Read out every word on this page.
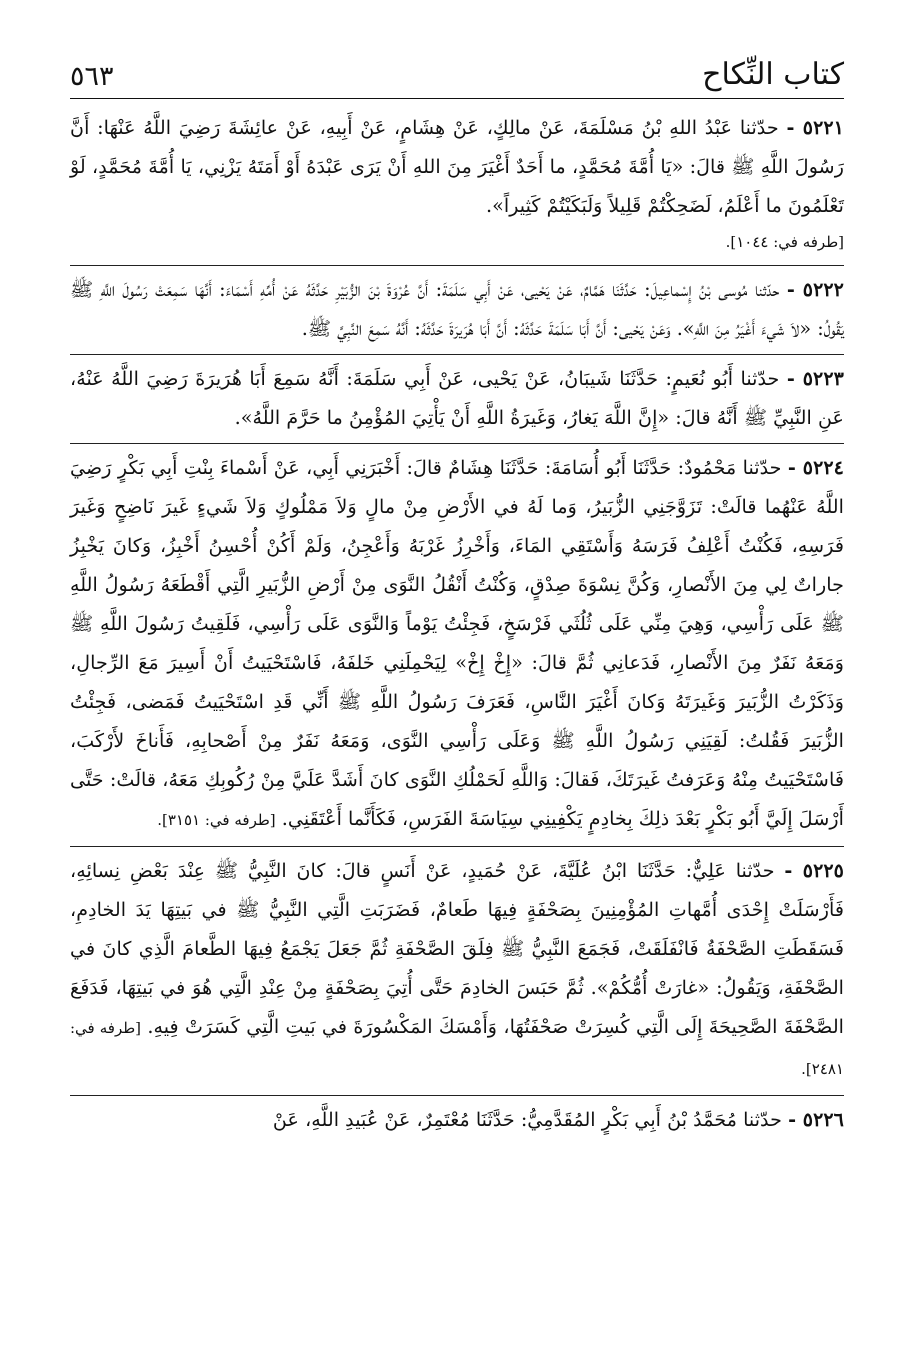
كتاب النِّكاح
٥٦٣

٥٢٢١ - حدّثنا عَبْدُ اللهِ بْنُ مَسْلَمَةَ، عَنْ مالِكٍ، عَنْ هِشَامٍ، عَنْ أَبِيهِ، عَنْ عائِشَةَ رَضِيَ اللَّهُ عَنْهَا: أَنَّ رَسُولَ اللَّهِ ﷺ قالَ: «يَا أُمَّةَ مُحَمَّدٍ، ما أَحَدٌ أَغْيَرَ مِنَ اللهِ أَنْ يَرَى عَبْدَهُ أَوْ أَمَتَهُ يَزْنِي، يَا أُمَّةَ مُحَمَّدٍ، لَوْ تَعْلَمُونَ ما أَعْلَمُ، لَضَحِكْتُمْ قَلِيلاً وَلَبَكَيْتُمْ كَثِيراً».

[طرفه في: ١٠٤٤].

٥٢٢٢ - حدّثنا مُوسى بْنُ إِسْماعِيلَ: حَدَّثَنَا هَمَّامٌ، عَنْ يَحْيى، عَنْ أَبِي سَلَمَةَ: أَنَّ عُرْوَةَ بْنَ الزُّبَيْرِ حَدَّثَهُ عَنْ أُمِّهِ أَسْمَاءَ: أَنَّهَا سَمِعَتْ رَسُولَ اللَّهِ ﷺ يَقُولُ: «لاَ شَيءَ أَغْيَرُ مِنَ اللَّهِ». وَعَنْ يَحْيى: أَنَّ أَبَا سَلَمَةَ حَدَّثَهُ: أَنَّ أَبَا هُرَيرَةَ حَدَّثَهُ: أَنَّهُ سَمِعَ النَّبِيَّ ﷺ.

٥٢٢٣ - حدّثنا أَبُو نُعَيمٍ: حَدَّثَنَا شَيبَانُ، عَنْ يَحْيى، عَنْ أَبِي سَلَمَةَ: أَنَّهُ سَمِعَ أَبَا هُرَيرَةَ رَضِيَ اللَّهُ عَنْهُ، عَنِ النَّبِيِّ ﷺ أَنَّهُ قالَ: «إِنَّ اللَّهَ يَغارُ، وَغَيرَةُ اللَّهِ أَنْ يَأْتِيَ المُؤْمِنُ ما حَرَّمَ اللَّهُ».

٥٢٢٤ - حدّثنا مَحْمُودٌ: حَدَّثَنَا أَبُو أُسَامَةَ: حَدَّثَنَا هِشَامٌ قالَ: أَخْبَرَنِي أَبِي، عَنْ أَسْماءَ بِنْتِ أَبِي بَكْرٍ رَضِيَ اللَّهُ عَنْهُما قالَتْ: تَزَوَّجَنِي الزُّبَيرُ، وَما لَهُ في الأَرْضِ مِنْ مالٍ وَلاَ مَمْلُوكٍ وَلاَ شَيءٍ غَيرَ نَاضِحٍ وَغَيرَ فَرَسِهِ، فَكُنْتُ أَعْلِفُ فَرَسَهُ وَأَسْتَقِي المَاءَ، وَأَخْرِزُ غَرْبَهُ وَأَعْجِنُ، وَلَمْ أَكُنْ أُحْسِنُ أَخْبِزُ، وَكانَ يَخْبِزُ جاراتٌ لِي مِنَ الأَنْصارِ، وَكُنَّ نِسْوَةَ صِدْقٍ، وَكُنْتُ أَنْقُلُ النَّوَى مِنْ أَرْضِ الزُّبَيرِ الَّتِي أَقْطَعَهُ رَسُولُ اللَّهِ ﷺ عَلَى رَأْسِي، وَهِيَ مِنِّي عَلَى ثُلُثَي فَرْسَخٍ، فَجِئْتُ يَوْماً وَالنَّوَى عَلَى رَأْسِي، فَلَقِيتُ رَسُولَ اللَّهِ ﷺ وَمَعَهُ نَفَرٌ مِنَ الأَنْصارِ، فَدَعانِي ثُمَّ قالَ: «إِخْ إِخْ» لِيَحْمِلَنِي خَلفَهُ، فَاسْتَحْيَيتُ أَنْ أَسِيرَ مَعَ الرِّجالِ، وَذَكَرْتُ الزُّبَيرَ وَغَيرَتَهُ وَكانَ أَغْيَرَ النَّاسِ، فَعَرَفَ رَسُولُ اللَّهِ ﷺ أَنِّي قَدِ اسْتَحْيَيتُ فَمَضى، فَجِئْتُ الزُّبَيرَ فَقُلتُ: لَقِيَنِي رَسُولُ اللَّهِ ﷺ وَعَلَى رَأْسِي النَّوَى، وَمَعَهُ نَفَرٌ مِنْ أَصْحابِهِ، فَأَناخَ لأَرْكَبَ، فَاسْتَحْيَيتُ مِنْهُ وَعَرَفتُ غَيرَتَكَ، فَقالَ: وَاللَّهِ لَحَمْلُكِ النَّوَى كانَ أَشَدَّ عَلَيَّ مِنْ رُكُوبِكِ مَعَهُ، قالَتْ: حَتَّى أَرْسَلَ إِلَيَّ أَبُو بَكْرٍ بَعْدَ ذلِكَ بِخادِمٍ يَكْفِينِي سِيَاسَةَ الفَرَسِ، فَكَأَنَّما أَعْتَقَنِي. [طرفه في: ٣١٥١].

٥٢٢٥ - حدّثنا عَلِيٌّ: حَدَّثَنَا ابْنُ عُلَيَّةَ، عَنْ حُمَيدٍ، عَنْ أَنَسٍ قالَ: كانَ النَّبِيُّ ﷺ عِنْدَ بَعْضِ نِسائِهِ، فَأَرْسَلَتْ إِحْدَى أُمَّهاتِ المُؤْمِنِينَ بِصَحْفَةٍ فِيهَا طَعامٌ، فَضَرَبَتِ الَّتِي النَّبِيُّ ﷺ في بَيتِهَا يَدَ الخادِمِ، فَسَقَطَتِ الصَّحْفَةُ فَانْفَلَقَتْ، فَجَمَعَ النَّبِيُّ ﷺ فِلَقَ الصَّحْفَةِ ثُمَّ جَعَلَ يَجْمَعُ فِيهَا الطَّعامَ الَّذِي كانَ في الصَّحْفَةِ، وَيَقُولُ: «غارَتْ أُمُّكُمْ». ثُمَّ حَبَسَ الخادِمَ حَتَّى أُتِيَ بِصَحْفَةٍ مِنْ عِنْدِ الَّتِي هُوَ في بَيتِهَا، فَدَفَعَ الصَّحْفَةَ الصَّحِيحَةَ إِلَى الَّتِي كُسِرَتْ صَحْفَتُهَا، وَأَمْسَكَ المَكْسُورَةَ في بَيتِ الَّتِي كَسَرَتْ فِيهِ. [طرفه في: ٢٤٨١].

٥٢٢٦ - حدّثنا مُحَمَّدُ بْنُ أَبِي بَكْرٍ المُقَدَّمِيُّ: حَدَّثَنَا مُعْتَمِرٌ، عَنْ عُبَيدِ اللَّهِ، عَنْ
